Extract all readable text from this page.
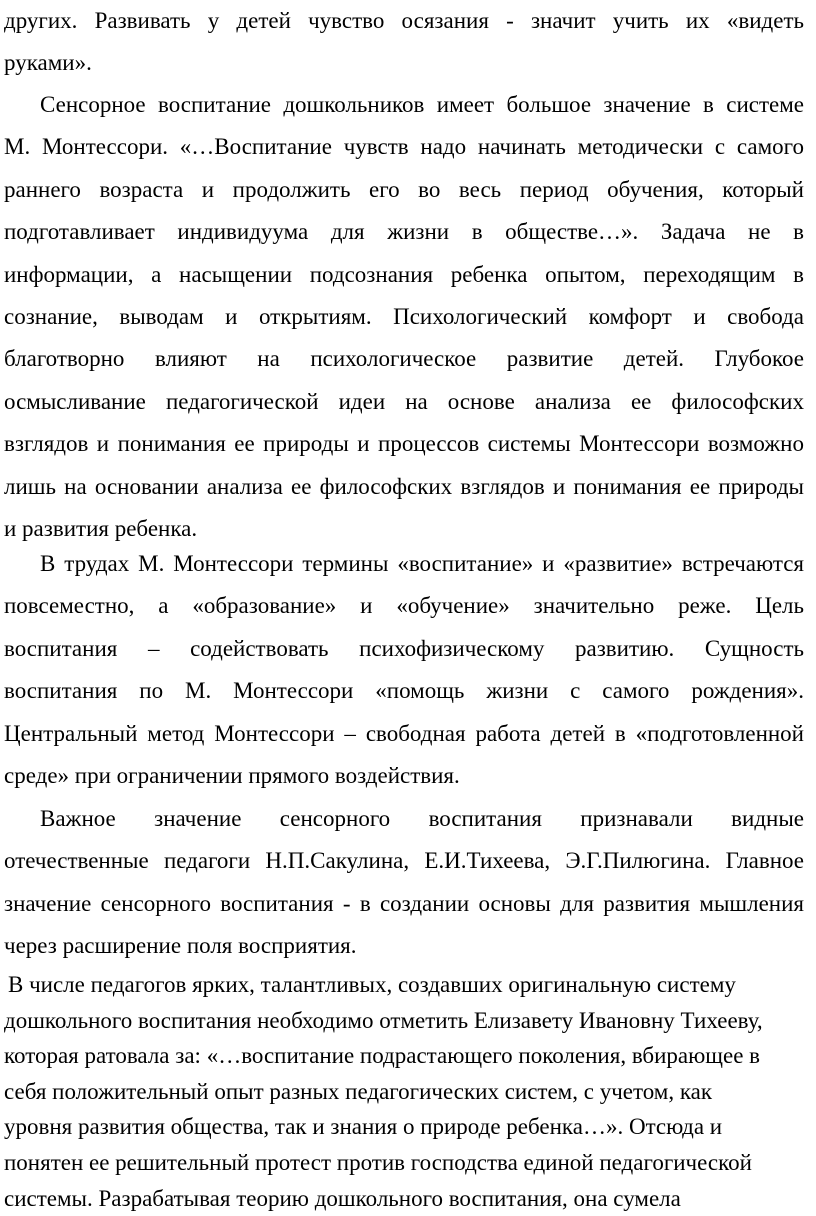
других. Развивать у детей чувство осязания - значит учить их «видеть
руками».
Сенсорное воспитание дошкольников имеет большое значение в системе
М. Монтессори. «…Воспитание чувств надо начинать методически с самого
раннего возраста и продолжить его во весь период обучения, который
подготавливает индивидуума для жизни в обществе…». Задача не в
информации, а насыщении подсознания ребенка опытом, переходящим в
сознание, выводам и открытиям. Психологический комфорт и свобода
благотворно влияют на психологическое развитие детей. Глубокое
осмысливание педагогической идеи на основе анализа ее философских
взглядов и понимания ее природы и процессов системы Монтессори возможно
лишь на основании анализа ее философских взглядов и понимания ее природы
и развития ребенка.
В трудах М. Монтессори термины «воспитание» и «развитие» встречаются
повсеместно, а «образование» и «обучение» значительно реже. Цель
воспитания – содействовать психофизическому развитию. Сущность
воспитания по М. Монтессори «помощь жизни с самого рождения».
Центральный метод Монтессори – свободная работа детей в «подготовленной
среде» при ограничении прямого воздействия.
Важное значение сенсорного воспитания признавали видные
отечественные педагоги Н.П.Сакулина, Е.И.Тихеева, Э.Г.Пилюгина. Главное
значение сенсорного воспитания - в создании основы для развития мышления
через расширение поля восприятия.
В числе педагогов ярких, талантливых, создавших оригинальную систему
дошкольного воспитания необходимо отметить Елизавету Ивановну Тихееву,
которая ратовала за: «…воспитание подрастающего поколения, вбирающее в
себя положительный опыт разных педагогических систем, с учетом, как
уровня развития общества, так и знания о природе ребенка…». Отсюда и
понятен ее решительный протест против господства единой педагогической
системы. Разрабатывая теорию дошкольного воспитания, она сумела
